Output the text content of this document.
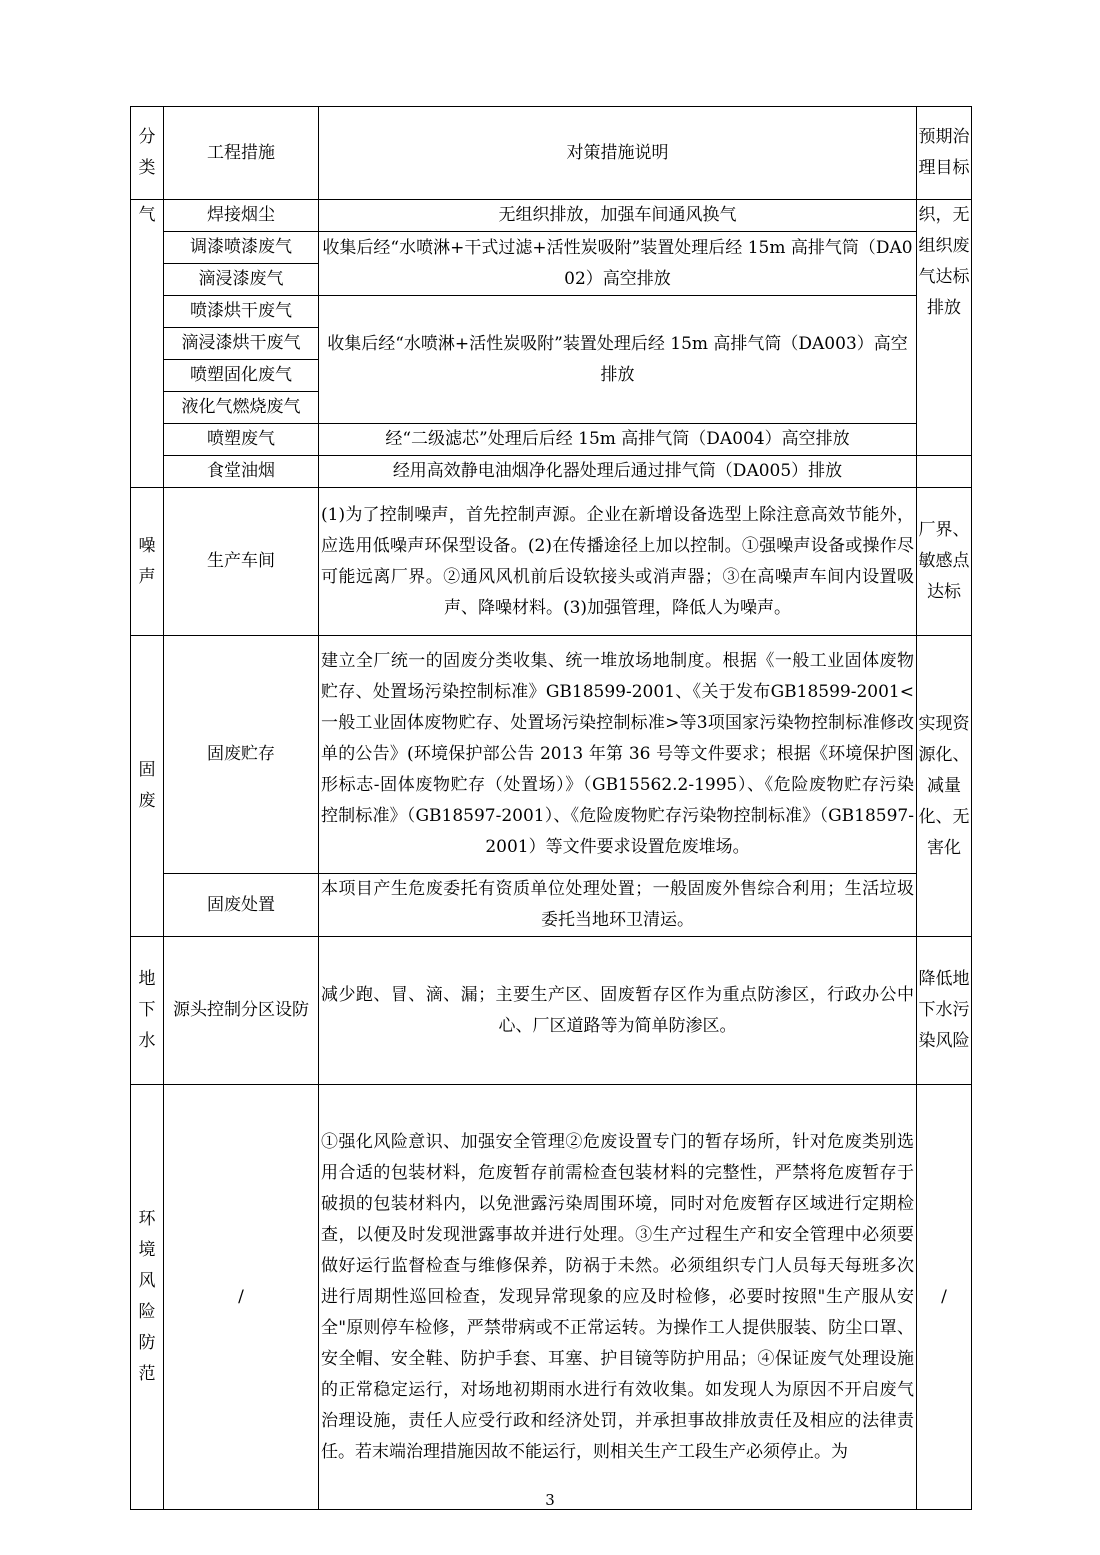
分类	工程措施	对策措施说明	预期治理目标
气	焊接烟尘	无组织排放，加强车间通风换气	织，无组织废气达标排放
	调漆喷漆废气	收集后经“水喷淋+干式过滤+活性炭吸附”装置处理后经 15m 高排气筒（DA002）高空排放	
	滴浸漆废气		
	喷漆烘干废气	收集后经“水喷淋+活性炭吸附”装置处理后经 15m 高排气筒（DA003）高空排放	
	滴浸漆烘干废气		
	喷塑固化废气		
	液化气燃烧废气		
	喷塑废气	经“二级滤芯”处理后后经 15m 高排气筒（DA004）高空排放	
	食堂油烟	经用高效静电油烟净化器处理后通过排气筒（DA005）排放	
噪声	生产车间	(1)为了控制噪声，首先控制声源。企业在新增设备选型上除注意高效节能外，应选用低噪声环保型设备。(2)在传播途径上加以控制。①强噪声设备或操作尽可能远离厂界。②通风风机前后设软接头或消声器；③在高噪声车间内设置吸声、降噪材料。(3)加强管理，降低人为噪声。	厂界、敏感点达标
固废	固废贮存	建立全厂统一的固废分类收集、统一堆放场地制度。根据《一般工业固体废物贮存、处置场污染控制标准》GB18599-2001、《关于发布GB18599-2001<一般工业固体废物贮存、处置场污染控制标准>等3项国家污染物控制标准修改单的公告》(环境保护部公告 2013 年第 36 号等文件要求；根据《环境保护图形标志-固体废物贮存（处置场）》（GB15562.2-1995）、《危险废物贮存污染控制标准》（GB18597-2001）、《危险废物贮存污染物控制标准》（GB18597-2001）等文件要求设置危废堆场。	实现资源化、减量化、无害化
	固废处置	本项目产生危废委托有资质单位处理处置；一般固废外售综合利用；生活垃圾委托当地环卫清运。	
地下水	源头控制分区设防	减少跑、冒、滴、漏；主要生产区、固废暂存区作为重点防渗区，行政办公中心、厂区道路等为简单防渗区。	降低地下水污染风险
环境风险防范	/	①强化风险意识、加强安全管理②危废设置专门的暂存场所，针对危废类别选用合适的包装材料，危废暂存前需检查包装材料的完整性，严禁将危废暂存于破损的包装材料内，以免泄露污染周围环境，同时对危废暂存区域进行定期检查，以便及时发现泄露事故并进行处理。③生产过程生产和安全管理中必须要做好运行监督检查与维修保养，防祸于未然。必须组织专门人员每天每班多次进行周期性巡回检查，发现异常现象的应及时检修，必要时按照"生产服从安全"原则停车检修，严禁带病或不正常运转。为操作工人提供服装、防尘口罩、安全帽、安全鞋、防护手套、耳塞、护目镜等防护用品；④保证废气处理设施的正常稳定运行，对场地初期雨水进行有效收集。如发现人为原因不开启废气治理设施，责任人应受行政和经济处罚，并承担事故排放责任及相应的法律责任。若末端治理措施因故不能运行，则相关生产工段生产必须停止。为	/
3
